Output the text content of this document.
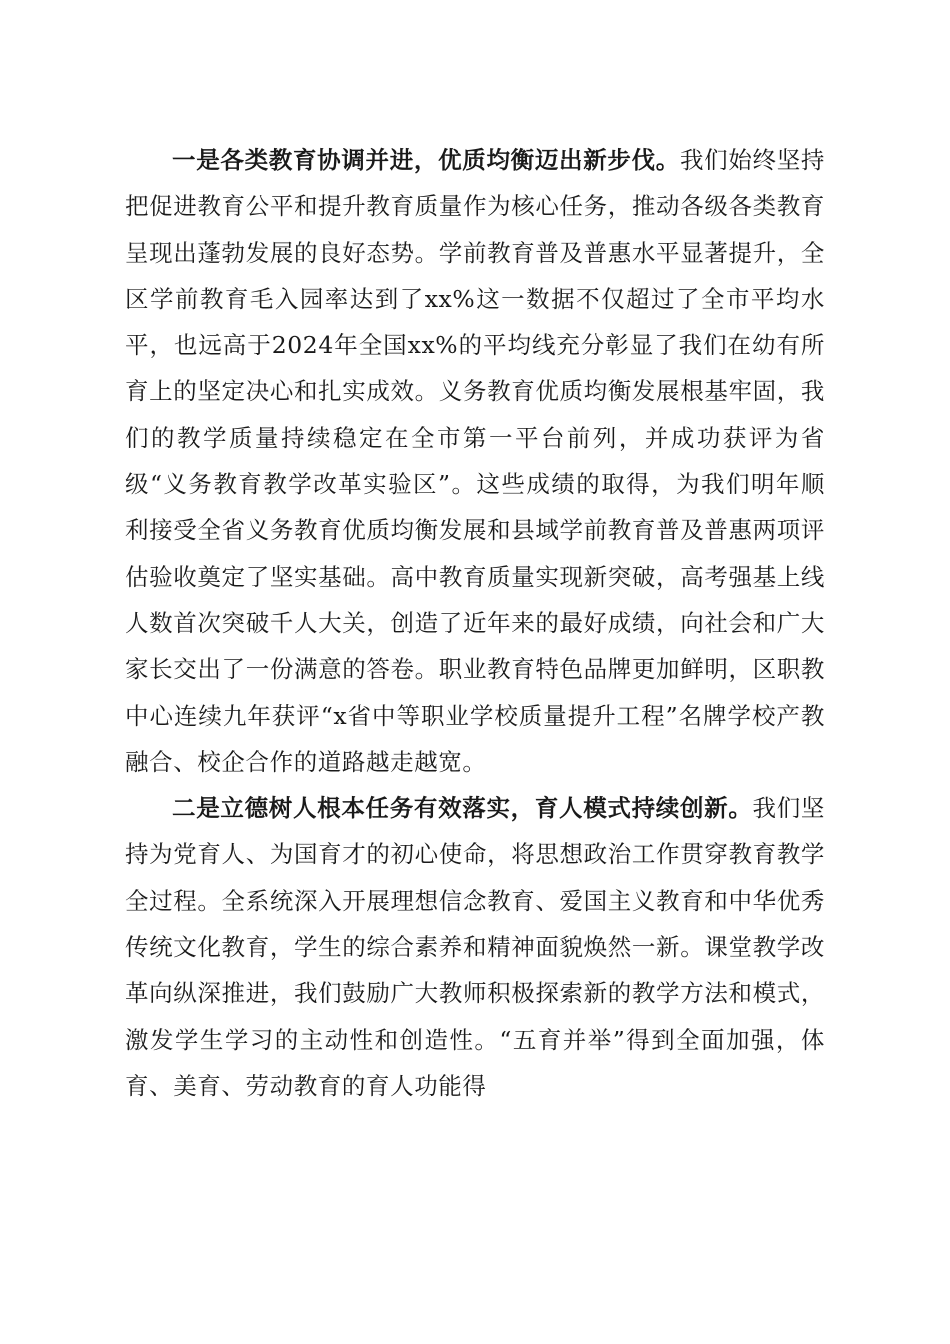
一是各类教育协调并进，优质均衡迈出新步伐。我们始终坚持把促进教育公平和提升教育质量作为核心任务，推动各级各类教育呈现出蓬勃发展的良好态势。学前教育普及普惠水平显著提升，全区学前教育毛入园率达到了xx%这一数据不仅超过了全市平均水平，也远高于2024年全国xx%的平均线充分彰显了我们在幼有所育上的坚定决心和扎实成效。义务教育优质均衡发展根基牢固，我们的教学质量持续稳定在全市第一平台前列，并成功获评为省级“义务教育教学改革实验区”。这些成绩的取得，为我们明年顺利接受全省义务教育优质均衡发展和县域学前教育普及普惠两项评估验收奠定了坚实基础。高中教育质量实现新突破，高考强基上线人数首次突破千人大关，创造了近年来的最好成绩，向社会和广大家长交出了一份满意的答卷。职业教育特色品牌更加鲜明，区职教中心连续九年获评“x省中等职业学校质量提升工程”名牌学校产教融合、校企合作的道路越走越宽。

二是立德树人根本任务有效落实，育人模式持续创新。我们坚持为党育人、为国育才的初心使命，将思想政治工作贯穿教育教学全过程。全系统深入开展理想信念教育、爱国主义教育和中华优秀传统文化教育，学生的综合素养和精神面貌焕然一新。课堂教学改革向纵深推进，我们鼓励广大教师积极探索新的教学方法和模式，激发学生学习的主动性和创造性。“五育并举”得到全面加强，体育、美育、劳动教育的育人功能得
